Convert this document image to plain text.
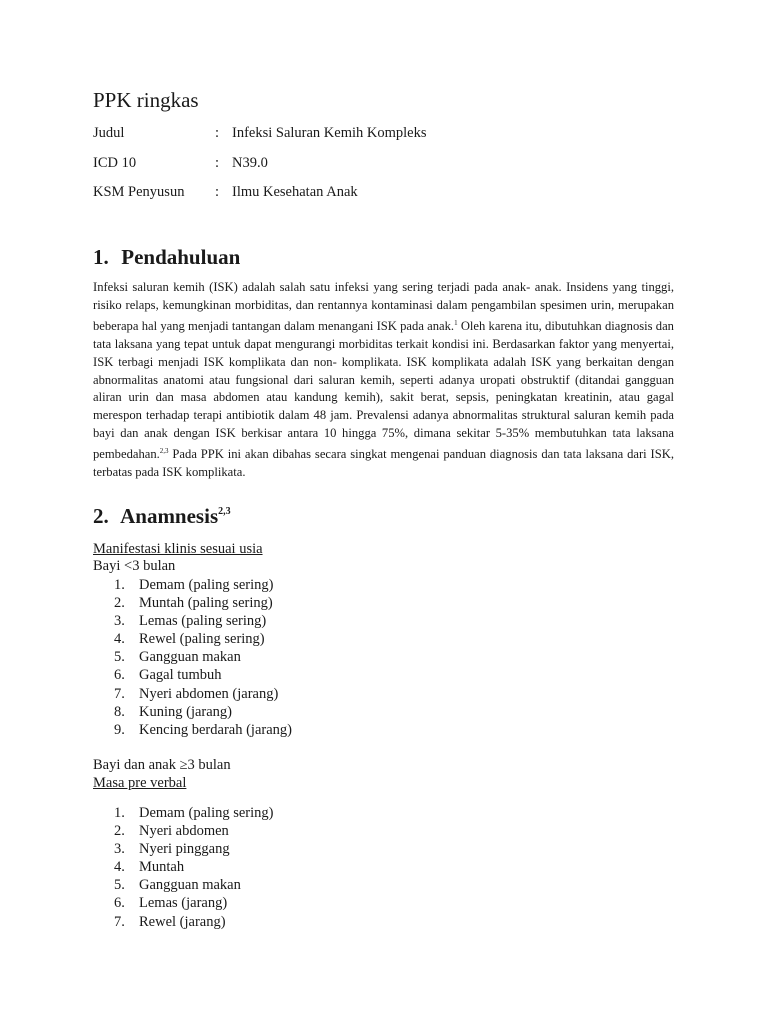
PPK ringkas
Judul	: Infeksi Saluran Kemih Kompleks
ICD 10	: N39.0
KSM Penyusun	: Ilmu Kesehatan Anak
1. Pendahuluan

Infeksi saluran kemih (ISK) adalah salah satu infeksi yang sering terjadi pada anak- anak. Insidens yang tinggi, risiko relaps, kemungkinan morbiditas, dan rentannya kontaminasi dalam pengambilan spesimen urin, merupakan beberapa hal yang menjadi tantangan dalam menangani ISK pada anak.$^1$ Oleh karena itu, dibutuhkan diagnosis dan tata laksana yang tepat untuk dapat mengurangi morbiditas terkait kondisi ini. Berdasarkan faktor yang menyertai, ISK terbagi menjadi ISK komplikata dan non- komplikata. ISK komplikata adalah ISK yang berkaitan dengan abnormalitas anatomi atau fungsional dari saluran kemih, seperti adanya uropati obstruktif (ditandai gangguan aliran urin dan masa abdomen atau kandung kemih), sakit berat, sepsis, peningkatan kreatinin, atau gagal merespon terhadap terapi antibiotik dalam 48 jam. Prevalensi adanya abnormalitas struktural saluran kemih pada bayi dan anak dengan ISK berkisar antara 10 hingga 75%, dimana sekitar 5-35% membutuhkan tata laksana pembedahan.$^{2,3}$ Pada PPK ini akan dibahas secara singkat mengenai panduan diagnosis dan tata laksana dari ISK, terbatas pada ISK komplikata.

2. Anamnesis$^{2,3}$
Manifestasi klinis sesuai usia
Bayi <3 bulan
1. Demam (paling sering)
2. Muntah (paling sering)
3. Lemas (paling sering)
4. Rewel (paling sering)
5. Gangguan makan
6. Gagal tumbuh
7. Nyeri abdomen (jarang)
8. Kuning (jarang)
9. Kencing berdarah (jarang)
Bayi dan anak ≥3 bulan
Masa pre verbal
1. Demam (paling sering)
2. Nyeri abdomen
3. Nyeri pinggang
4. Muntah
5. Gangguan makan
6. Lemas (jarang)
7. Rewel (jarang)
